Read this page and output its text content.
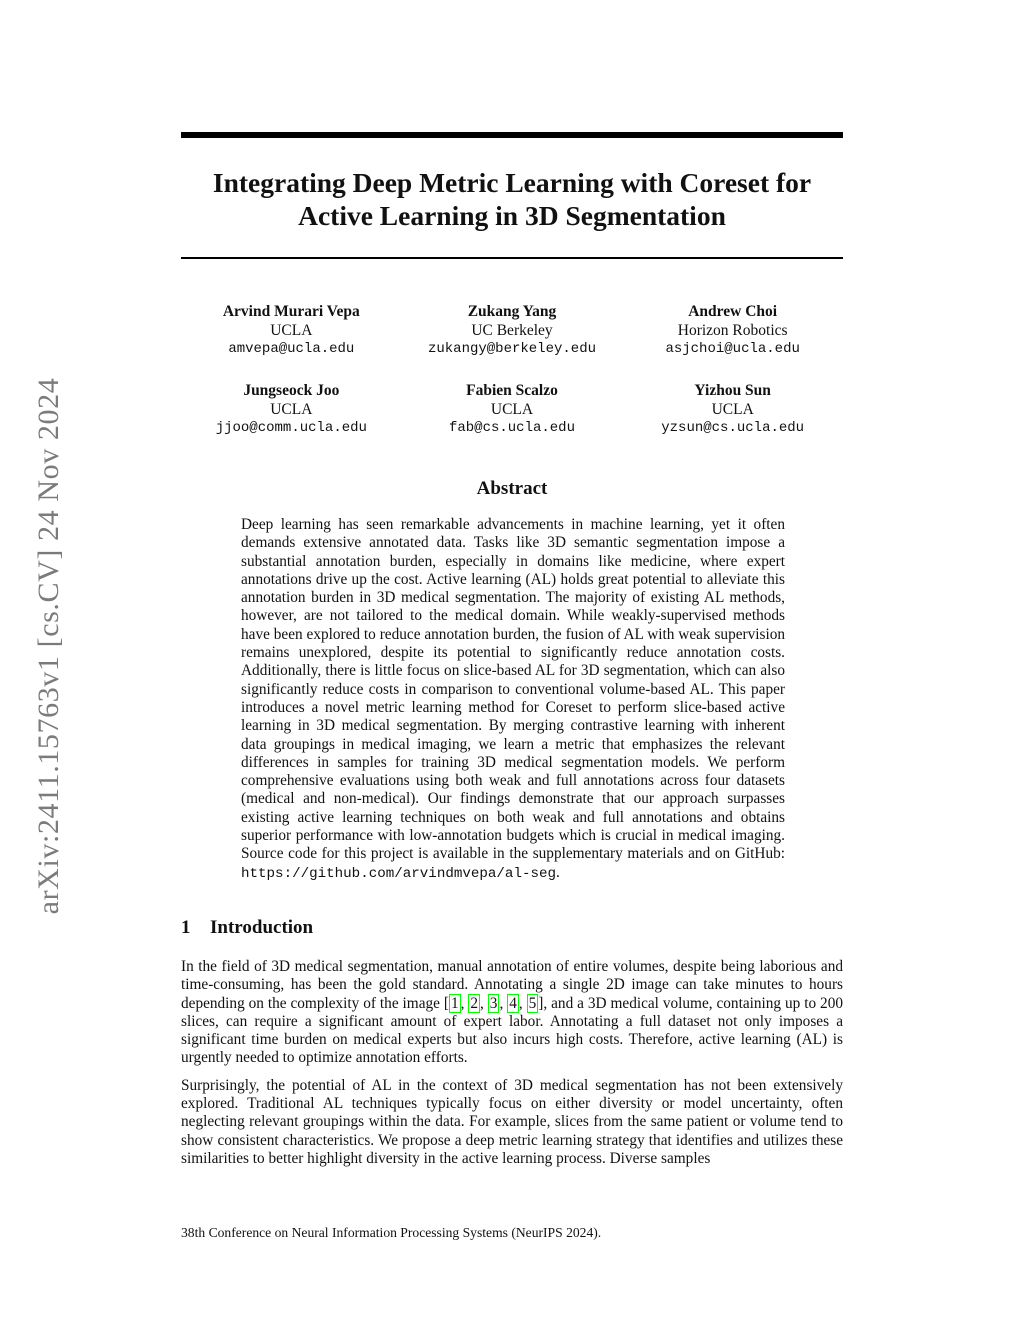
arXiv:2411.15763v1 [cs.CV] 24 Nov 2024
Integrating Deep Metric Learning with Coreset for
Active Learning in 3D Segmentation
Arvind Murari Vepa
UCLA
amvepa@ucla.edu
Zukang Yang
UC Berkeley
zukangy@berkeley.edu
Andrew Choi
Horizon Robotics
asjchoi@ucla.edu
Jungseock Joo
UCLA
jjoo@comm.ucla.edu
Fabien Scalzo
UCLA
fab@cs.ucla.edu
Yizhou Sun
UCLA
yzsun@cs.ucla.edu
Abstract
Deep learning has seen remarkable advancements in machine learning, yet it often demands extensive annotated data. Tasks like 3D semantic segmentation impose a substantial annotation burden, especially in domains like medicine, where expert annotations drive up the cost. Active learning (AL) holds great potential to alleviate this annotation burden in 3D medical segmentation. The majority of existing AL methods, however, are not tailored to the medical domain. While weakly-supervised methods have been explored to reduce annotation burden, the fusion of AL with weak supervision remains unexplored, despite its potential to significantly reduce annotation costs. Additionally, there is little focus on slice-based AL for 3D segmentation, which can also significantly reduce costs in comparison to conventional volume-based AL. This paper introduces a novel metric learning method for Coreset to perform slice-based active learning in 3D medical segmentation. By merging contrastive learning with inherent data groupings in medical imaging, we learn a metric that emphasizes the relevant differences in samples for training 3D medical segmentation models. We perform comprehensive evaluations using both weak and full annotations across four datasets (medical and non-medical). Our findings demonstrate that our approach surpasses existing active learning techniques on both weak and full annotations and obtains superior performance with low-annotation budgets which is crucial in medical imaging. Source code for this project is available in the supplementary materials and on GitHub: https://github.com/arvindmvepa/al-seg.
1 Introduction

In the field of 3D medical segmentation, manual annotation of entire volumes, despite being laborious and time-consuming, has been the gold standard. Annotating a single 2D image can take minutes to hours depending on the complexity of the image [ 1 , 2 , 3 , 4 , 5 ], and a 3D medical volume, containing up to 200 slices, can require a significant amount of expert labor. Annotating a full dataset not only imposes a significant time burden on medical experts but also incurs high costs. Therefore, active learning (AL) is urgently needed to optimize annotation efforts.

Surprisingly, the potential of AL in the context of 3D medical segmentation has not been extensively explored. Traditional AL techniques typically focus on either diversity or model uncertainty, often neglecting relevant groupings within the data. For example, slices from the same patient or volume tend to show consistent characteristics. We propose a deep metric learning strategy that identifies and utilizes these similarities to better highlight diversity in the active learning process. Diverse samples

38th Conference on Neural Information Processing Systems (NeurIPS 2024).
